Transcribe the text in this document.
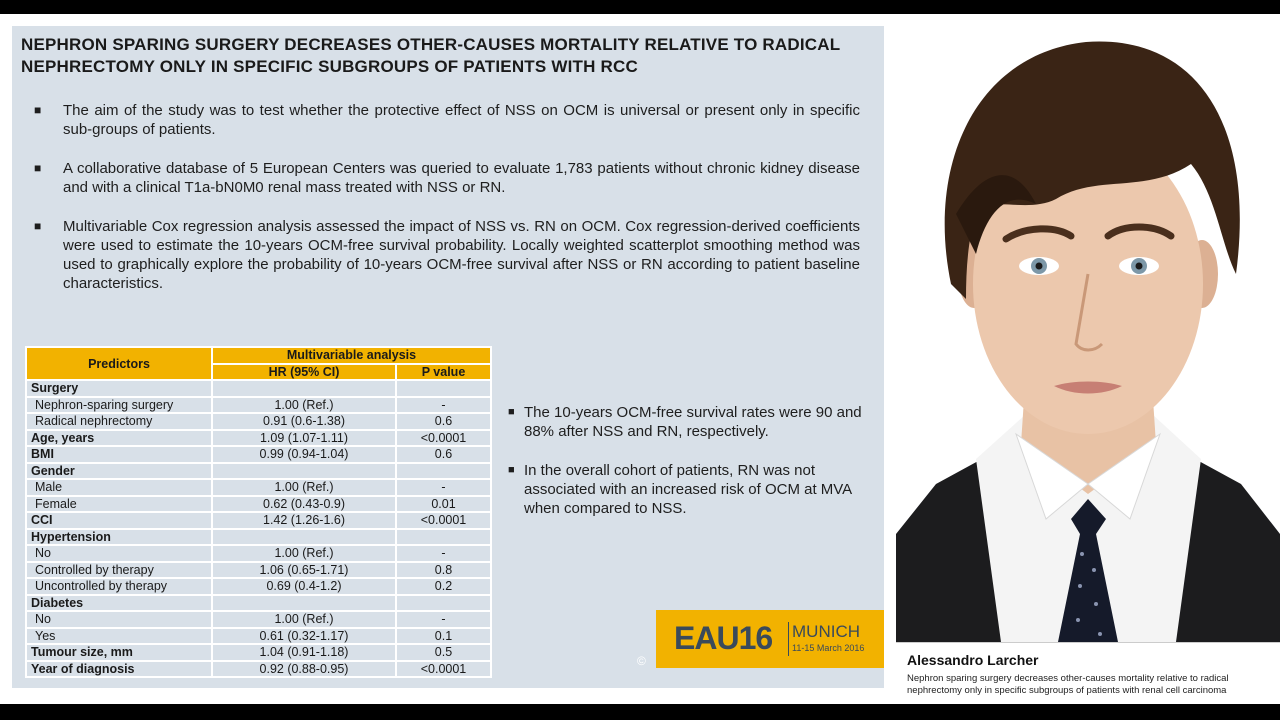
NEPHRON SPARING SURGERY DECREASES OTHER-CAUSES MORTALITY RELATIVE TO RADICAL NEPHRECTOMY ONLY IN SPECIFIC SUBGROUPS OF PATIENTS WITH RCC
■ The aim of the study was to test whether the protective effect of NSS on OCM is universal or present only in specific sub-groups of patients.
■ A collaborative database of 5 European Centers was queried to evaluate 1,783 patients without chronic kidney disease and with a clinical T1a-bN0M0 renal mass treated with NSS or RN.
■ Multivariable Cox regression analysis assessed the impact of NSS vs. RN on OCM. Cox regression-derived coefficients were used to estimate the 10-years OCM-free survival probability. Locally weighted scatterplot smoothing method was used to graphically explore the probability of 10-years OCM-free survival after NSS or RN according to patient baseline characteristics.
Predictors	Multivariable analysis	
	HR (95% CI)	P value
Surgery		
Nephron-sparing surgery	1.00 (Ref.)	-
Radical nephrectomy	0.91 (0.6-1.38)	0.6
Age, years	1.09 (1.07-1.11)	<0.0001
BMI	0.99 (0.94-1.04)	0.6
Gender		
Male	1.00 (Ref.)	-
Female	0.62 (0.43-0.9)	0.01
CCI	1.42 (1.26-1.6)	<0.0001
Hypertension		
No	1.00 (Ref.)	-
Controlled by therapy	1.06 (0.65-1.71)	0.8
Uncontrolled by therapy	0.69 (0.4-1.2)	0.2
Diabetes		
No	1.00 (Ref.)	-
Yes	0.61 (0.32-1.17)	0.1
Tumour size, mm	1.04 (0.91-1.18)	0.5
Year of diagnosis	0.92 (0.88-0.95)	<0.0001
■ The 10-years OCM-free survival rates were 90 and 88% after NSS and RN, respectively.
■ In the overall cohort of patients, RN was not associated with an increased risk of OCM at MVA when compared to NSS.
©
EAU16 MUNICH
11-15 March 2016
Alessandro Larcher
Nephron sparing surgery decreases other-causes mortality relative to radical nephrectomy only in specific subgroups of patients with renal cell carcinoma
